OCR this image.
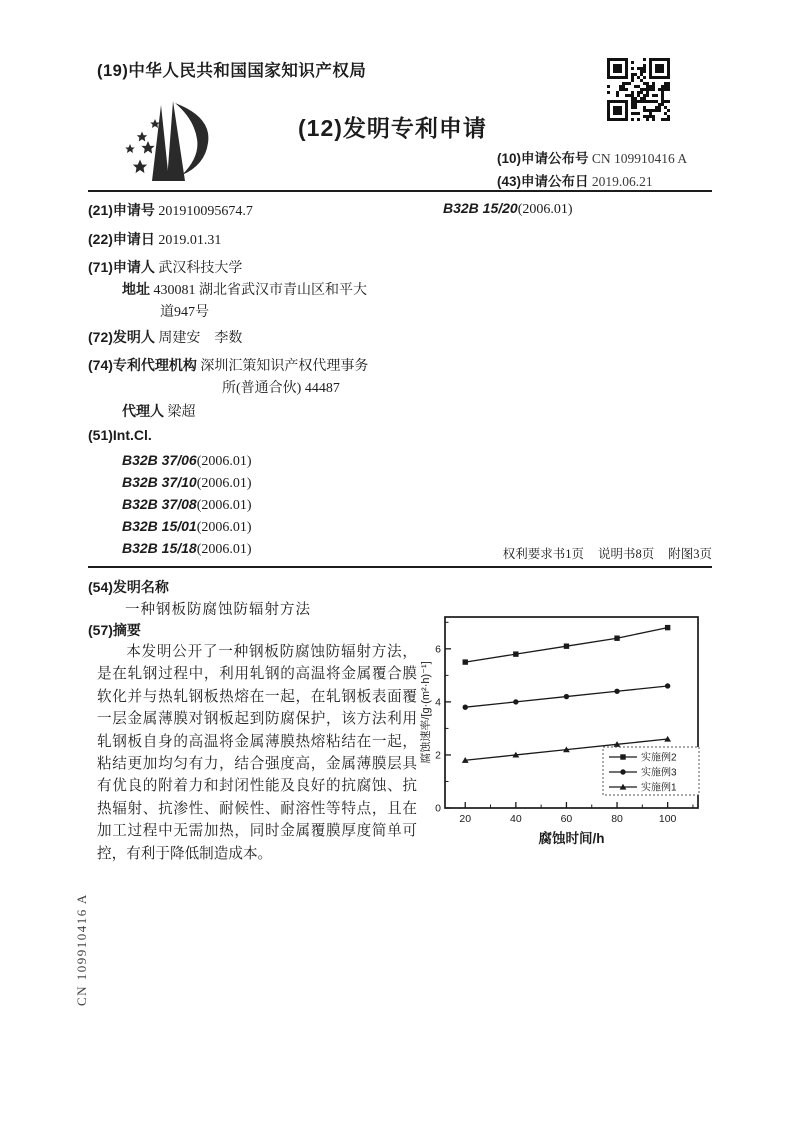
(19)中华人民共和国国家知识产权局
(12)发明专利申请
(10)申请公布号 CN 109910416 A
(43)申请公布日 2019.06.21
(21)申请号 201910095674.7	B32B 15/20(2006.01)
(22)申请日 2019.01.31
(71)申请人 武汉科技大学
地址 430081 湖北省武汉市青山区和平大
道947号
(72)发明人 周建安　李数
(74)专利代理机构 深圳汇策知识产权代理事务
所(普通合伙) 44487
代理人 梁超
(51)Int.Cl.
B32B 37/06(2006.01)
B32B 37/10(2006.01)
B32B 37/08(2006.01)
B32B 15/01(2006.01)
B32B 15/18(2006.01)	权利要求书1页 说明书8页 附图3页
(54)发明名称
一种钢板防腐蚀防辐射方法
(57)摘要
本发明公开了一种钢板防腐蚀防辐射方法，是在轧钢过程中，利用轧钢的高温将金属覆合膜软化并与热轧钢板热熔在一起，在轧钢板表面覆一层金属薄膜对钢板起到防腐保护，该方法利用轧钢板自身的高温将金属薄膜热熔粘结在一起，粘结更加均匀有力，结合强度高，金属薄膜层具有优良的附着力和封闭性能及良好的抗腐蚀、抗热辐射、抗渗性、耐候性、耐溶性等特点，且在加工过程中无需加热，同时金属覆膜厚度简单可控，有利于降低制造成本。
20	40	60	80	100
0
2
4
6
腐蚀时间/h
腐蚀速率/[g·(m²·h)⁻¹]	实施例2
实施例3
实施例1
CN 109910416 A
